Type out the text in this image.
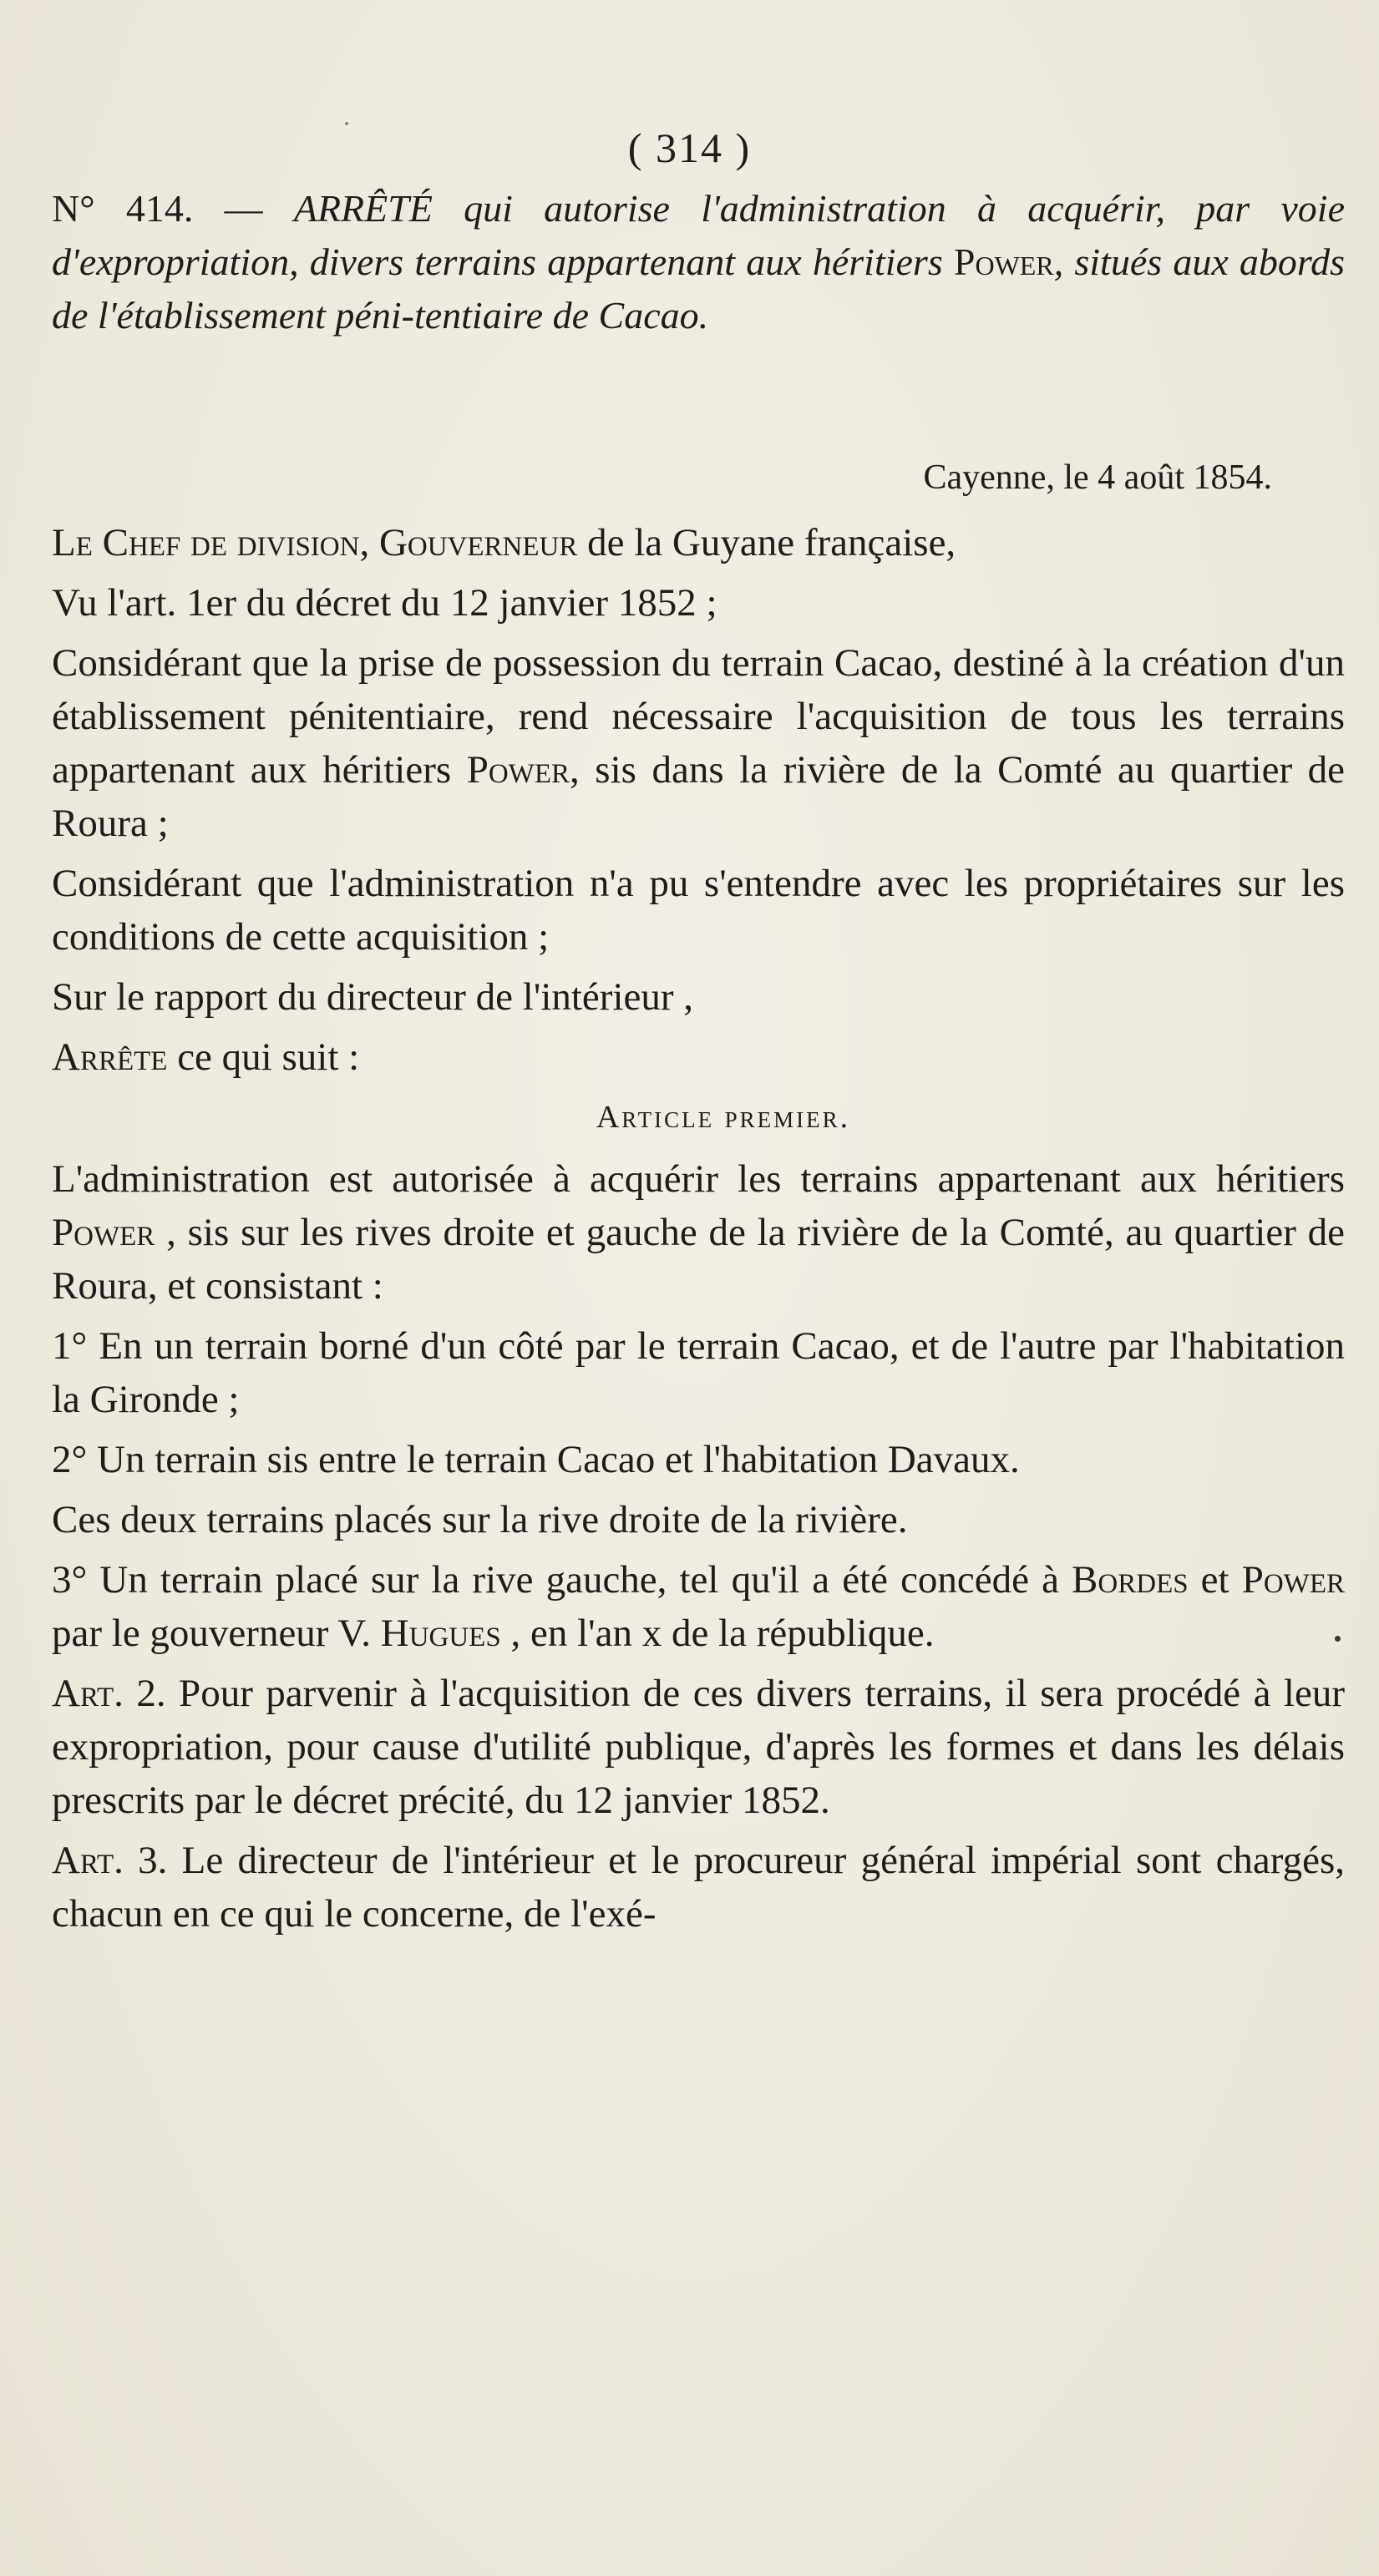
( 314 )
N° 414. — ARRÊTÉ qui autorise l'administration à acquérir, par voie d'expropriation, divers terrains appartenant aux héritiers Power, situés aux abords de l'établissement péni-tentiaire de Cacao.
Cayenne, le 4 août 1854.

Le Chef de division, Gouverneur de la Guyane française,

Vu l'art. 1er du décret du 12 janvier 1852 ;

Considérant que la prise de possession du terrain Cacao, destiné à la création d'un établissement pénitentiaire, rend nécessaire l'acquisition de tous les terrains appartenant aux héritiers Power, sis dans la rivière de la Comté au quartier de Roura ;

Considérant que l'administration n'a pu s'entendre avec les propriétaires sur les conditions de cette acquisition ;

Sur le rapport du directeur de l'intérieur ,

Arrête ce qui suit :

Article premier.

L'administration est autorisée à acquérir les terrains appartenant aux héritiers Power , sis sur les rives droite et gauche de la rivière de la Comté, au quartier de Roura, et consistant :

1° En un terrain borné d'un côté par le terrain Cacao, et de l'autre par l'habitation la Gironde ;

2° Un terrain sis entre le terrain Cacao et l'habitation Davaux.

Ces deux terrains placés sur la rive droite de la rivière.

3° Un terrain placé sur la rive gauche, tel qu'il a été concédé à Bordes et Power par le gouverneur V. Hugues , en l'an x de la république.

Art. 2. Pour parvenir à l'acquisition de ces divers terrains, il sera procédé à leur expropriation, pour cause d'utilité publique, d'après les formes et dans les délais prescrits par le décret précité, du 12 janvier 1852.

Art. 3. Le directeur de l'intérieur et le procureur général impérial sont chargés, chacun en ce qui le concerne, de l'exé-
